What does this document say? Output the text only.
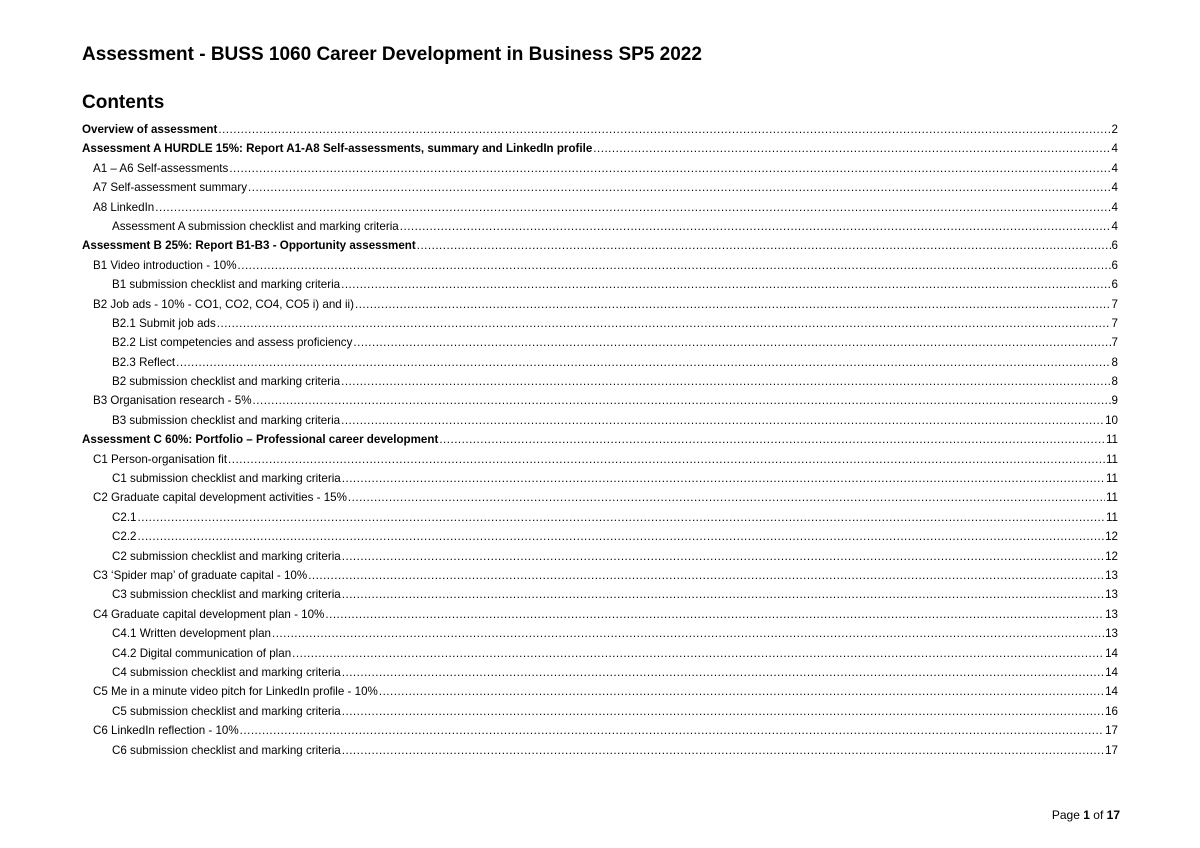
Assessment - BUSS 1060 Career Development in Business SP5 2022
Contents
Overview of assessment .....	2
Assessment A HURDLE 15%: Report A1-A8 Self-assessments, summary and LinkedIn profile .....	4
A1 – A6 Self-assessments .....	4
A7 Self-assessment summary .....	4
A8 LinkedIn .....	4
Assessment A submission checklist and marking criteria .....	4
Assessment B 25%: Report B1-B3 - Opportunity assessment .....	6
B1 Video introduction - 10% .....	6
B1 submission checklist and marking criteria .....	6
B2 Job ads - 10% - CO1, CO2, CO4, CO5 i) and ii) .....	7
B2.1 Submit job ads .....	7
B2.2 List competencies and assess proficiency .....	7
B2.3 Reflect .....	8
B2 submission checklist and marking criteria .....	8
B3 Organisation research - 5% .....	9
B3 submission checklist and marking criteria .....	10
Assessment C 60%: Portfolio – Professional career development .....	11
C1 Person-organisation fit .....	11
C1 submission checklist and marking criteria .....	11
C2 Graduate capital development activities - 15% .....	11
C2.1 .....	11
C2.2 .....	12
C2 submission checklist and marking criteria .....	12
C3 ‘Spider map’ of graduate capital - 10% .....	13
C3 submission checklist and marking criteria .....	13
C4 Graduate capital development plan - 10% .....	13
C4.1 Written development plan .....	13
C4.2 Digital communication of plan .....	14
C4 submission checklist and marking criteria .....	14
C5 Me in a minute video pitch for LinkedIn profile - 10% .....	14
C5 submission checklist and marking criteria .....	16
C6 LinkedIn reflection - 10% .....	17
C6 submission checklist and marking criteria .....	17
Page 1 of 17
